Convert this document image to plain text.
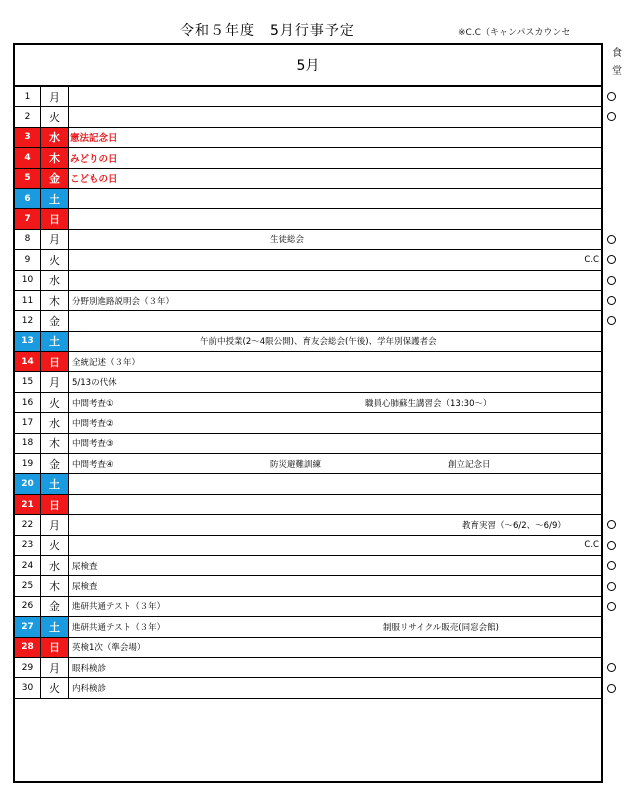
令和５年度　5月行事予定	※C.C（キャンパスカウンセ
5月
1	月
2	火
3	水	憲法記念日
4	木	みどりの日
5	金	こどもの日
6	土
7	日
8	月	生徒総会
9	火	C.C
10	水
11	木	分野別進路説明会（３年）
12	金
13	土	午前中授業(2～4限公開)、育友会総会(午後)、学年別保護者会
14	日	全統記述（３年）
15	月	5/13の代休
16	火	中間考査①	職員心肺蘇生講習会（13:30～）
17	水	中間考査②
18	木	中間考査③
19	金	中間考査④	防災避難訓練	創立記念日
20	土
21	日
22	月	教育実習（～6/2、～6/9）
23	火	C.C
24	水	尿検査
25	木	尿検査
26	金	進研共通テスト（３年）
27	土	進研共通テスト（３年）	制服リサイクル販売(同窓会館)
28	日	英検1次（準会場）
29	月	眼科検診
30	火	内科検診
食
堂
